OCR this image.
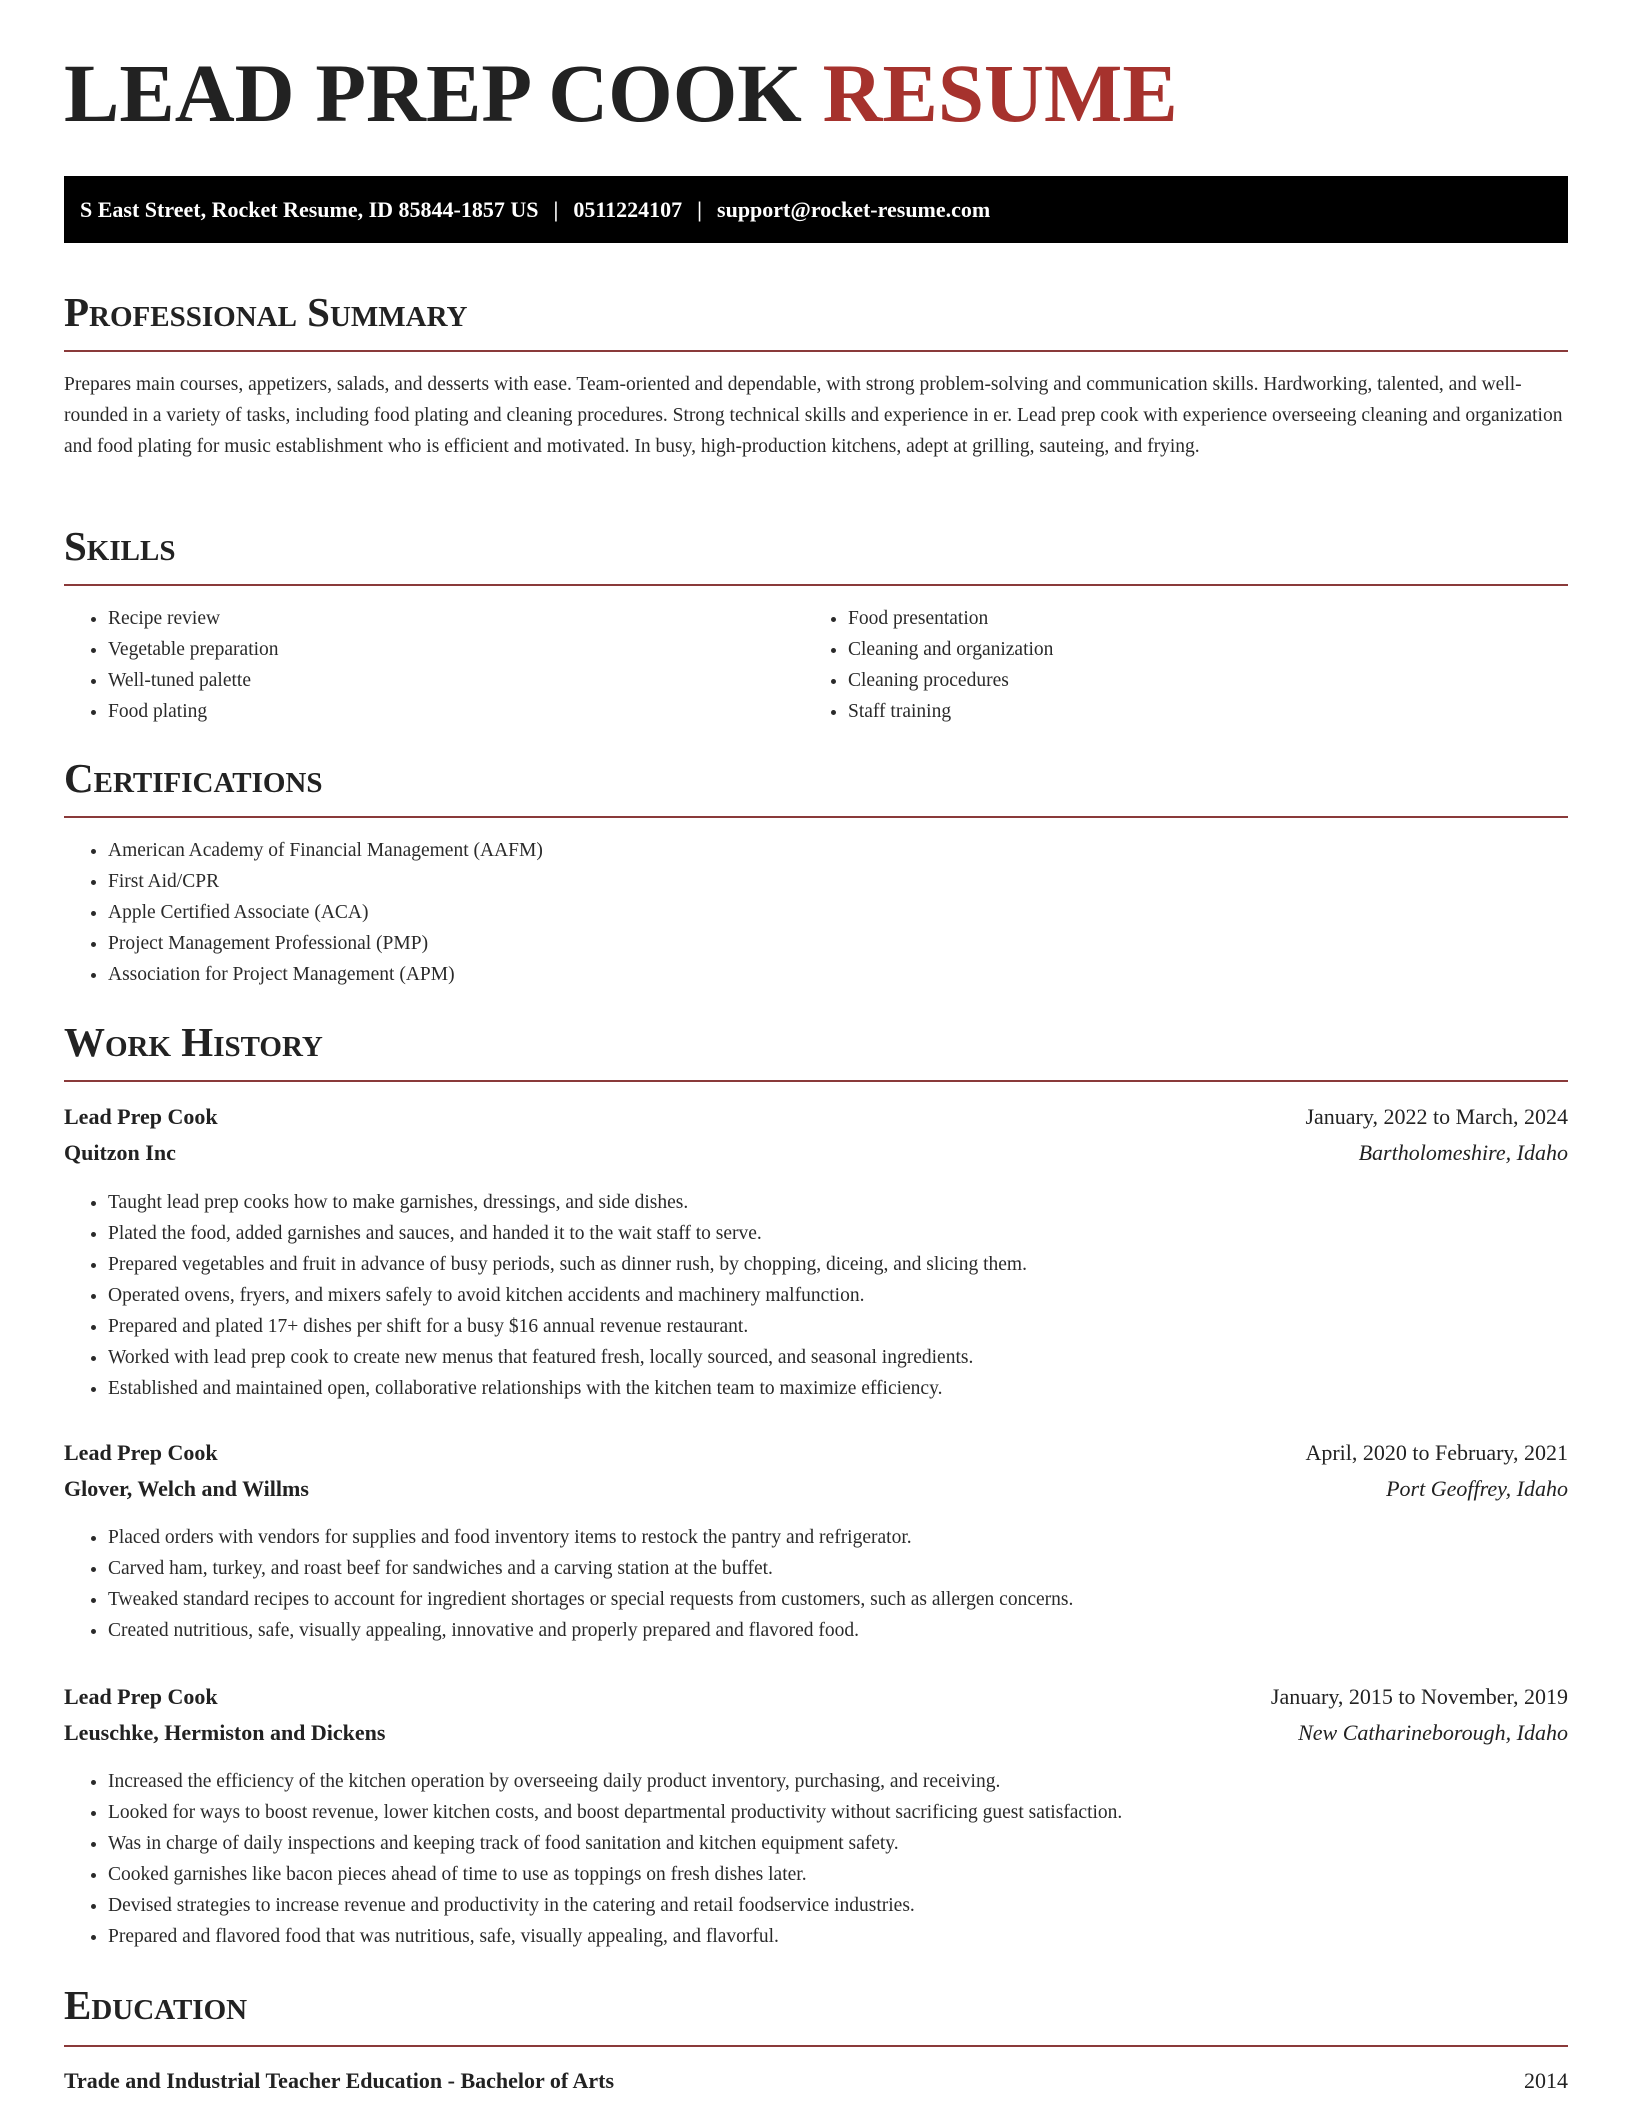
LEAD PREP COOK RESUME
S East Street, Rocket Resume, ID 85844-1857 US | 0511224107 | support@rocket-resume.com
Professional Summary

Prepares main courses, appetizers, salads, and desserts with ease. Team-oriented and dependable, with strong problem-solving and communication skills. Hardworking, talented, and well-rounded in a variety of tasks, including food plating and cleaning procedures. Strong technical skills and experience in er. Lead prep cook with experience overseeing cleaning and organization and food plating for music establishment who is efficient and motivated. In busy, high-production kitchens, adept at grilling, sauteing, and frying.

Skills
• Recipe review
• Vegetable preparation
• Well-tuned palette
• Food plating
• Food presentation
• Cleaning and organization
• Cleaning procedures
• Staff training
Certifications
• American Academy of Financial Management (AAFM)
• First Aid/CPR
• Apple Certified Associate (ACA)
• Project Management Professional (PMP)
• Association for Project Management (APM)
Work History
Lead Prep Cook	January, 2022 to March, 2024
Quitzon Inc	Bartholomeshire, Idaho
• Taught lead prep cooks how to make garnishes, dressings, and side dishes.
• Plated the food, added garnishes and sauces, and handed it to the wait staff to serve.
• Prepared vegetables and fruit in advance of busy periods, such as dinner rush, by chopping, diceing, and slicing them.
• Operated ovens, fryers, and mixers safely to avoid kitchen accidents and machinery malfunction.
• Prepared and plated 17+ dishes per shift for a busy $16 annual revenue restaurant.
• Worked with lead prep cook to create new menus that featured fresh, locally sourced, and seasonal ingredients.
• Established and maintained open, collaborative relationships with the kitchen team to maximize efficiency.
Lead Prep Cook	April, 2020 to February, 2021
Glover, Welch and Willms	Port Geoffrey, Idaho
• Placed orders with vendors for supplies and food inventory items to restock the pantry and refrigerator.
• Carved ham, turkey, and roast beef for sandwiches and a carving station at the buffet.
• Tweaked standard recipes to account for ingredient shortages or special requests from customers, such as allergen concerns.
• Created nutritious, safe, visually appealing, innovative and properly prepared and flavored food.
Lead Prep Cook	January, 2015 to November, 2019
Leuschke, Hermiston and Dickens	New Catharineborough, Idaho
• Increased the efficiency of the kitchen operation by overseeing daily product inventory, purchasing, and receiving.
• Looked for ways to boost revenue, lower kitchen costs, and boost departmental productivity without sacrificing guest satisfaction.
• Was in charge of daily inspections and keeping track of food sanitation and kitchen equipment safety.
• Cooked garnishes like bacon pieces ahead of time to use as toppings on fresh dishes later.
• Devised strategies to increase revenue and productivity in the catering and retail foodservice industries.
• Prepared and flavored food that was nutritious, safe, visually appealing, and flavorful.
Education
Trade and Industrial Teacher Education - Bachelor of Arts	2014
